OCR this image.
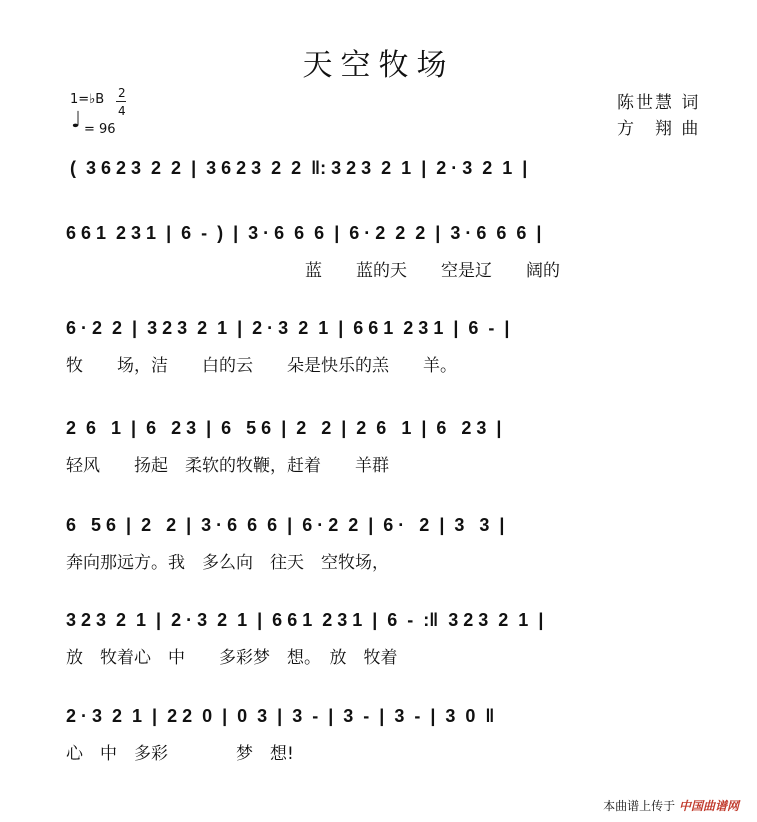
天空牧场
陈世慧 词
方　翔 曲
1=♭B 2
4
♩ = 96
(  3 6 2 3  2  2  |  3 6 2 3  2  2  ‖: 3 2 3  2  1  |  2 · 3  2  1  |
6 6 1  2 3 1  |  6  -  )  |  3 · 6  6  6  |  6 · 2  2  2  |  3 · 6  6  6  |
蓝　　蓝的天　　空是辽　　阔的
6 · 2  2  |  3 2 3  2  1  |  2 · 3  2  1  |  6 6 1  2 3 1  |  6  -  |
牧　　场，洁　　白的云　　朵是快乐的羔　　羊。
2  6   1  |  6   2 3  |  6   5 6  |  2   2  |  2  6   1  |  6   2 3  |
轻风　　扬起　柔软的牧鞭，赶着　　羊群
6   5 6  |  2   2  |  3 · 6  6  6  |  6 · 2  2  |  6 ·   2  |  3   3  |
奔向那远方。我　多么向　往天　空牧场，
3 2 3  2  1  |  2 · 3  2  1  |  6 6 1  2 3 1  |  6  -  :‖  3 2 3  2  1  |
放　牧着心　中　　多彩梦　想。　放　牧着
2 · 3  2  1  |  2 2  0  |  0  3  |  3  -  |  3  -  |  3  -  |  3  0  ‖
心　中　多彩　　　　梦　想!
本曲谱上传于 中国曲谱网
